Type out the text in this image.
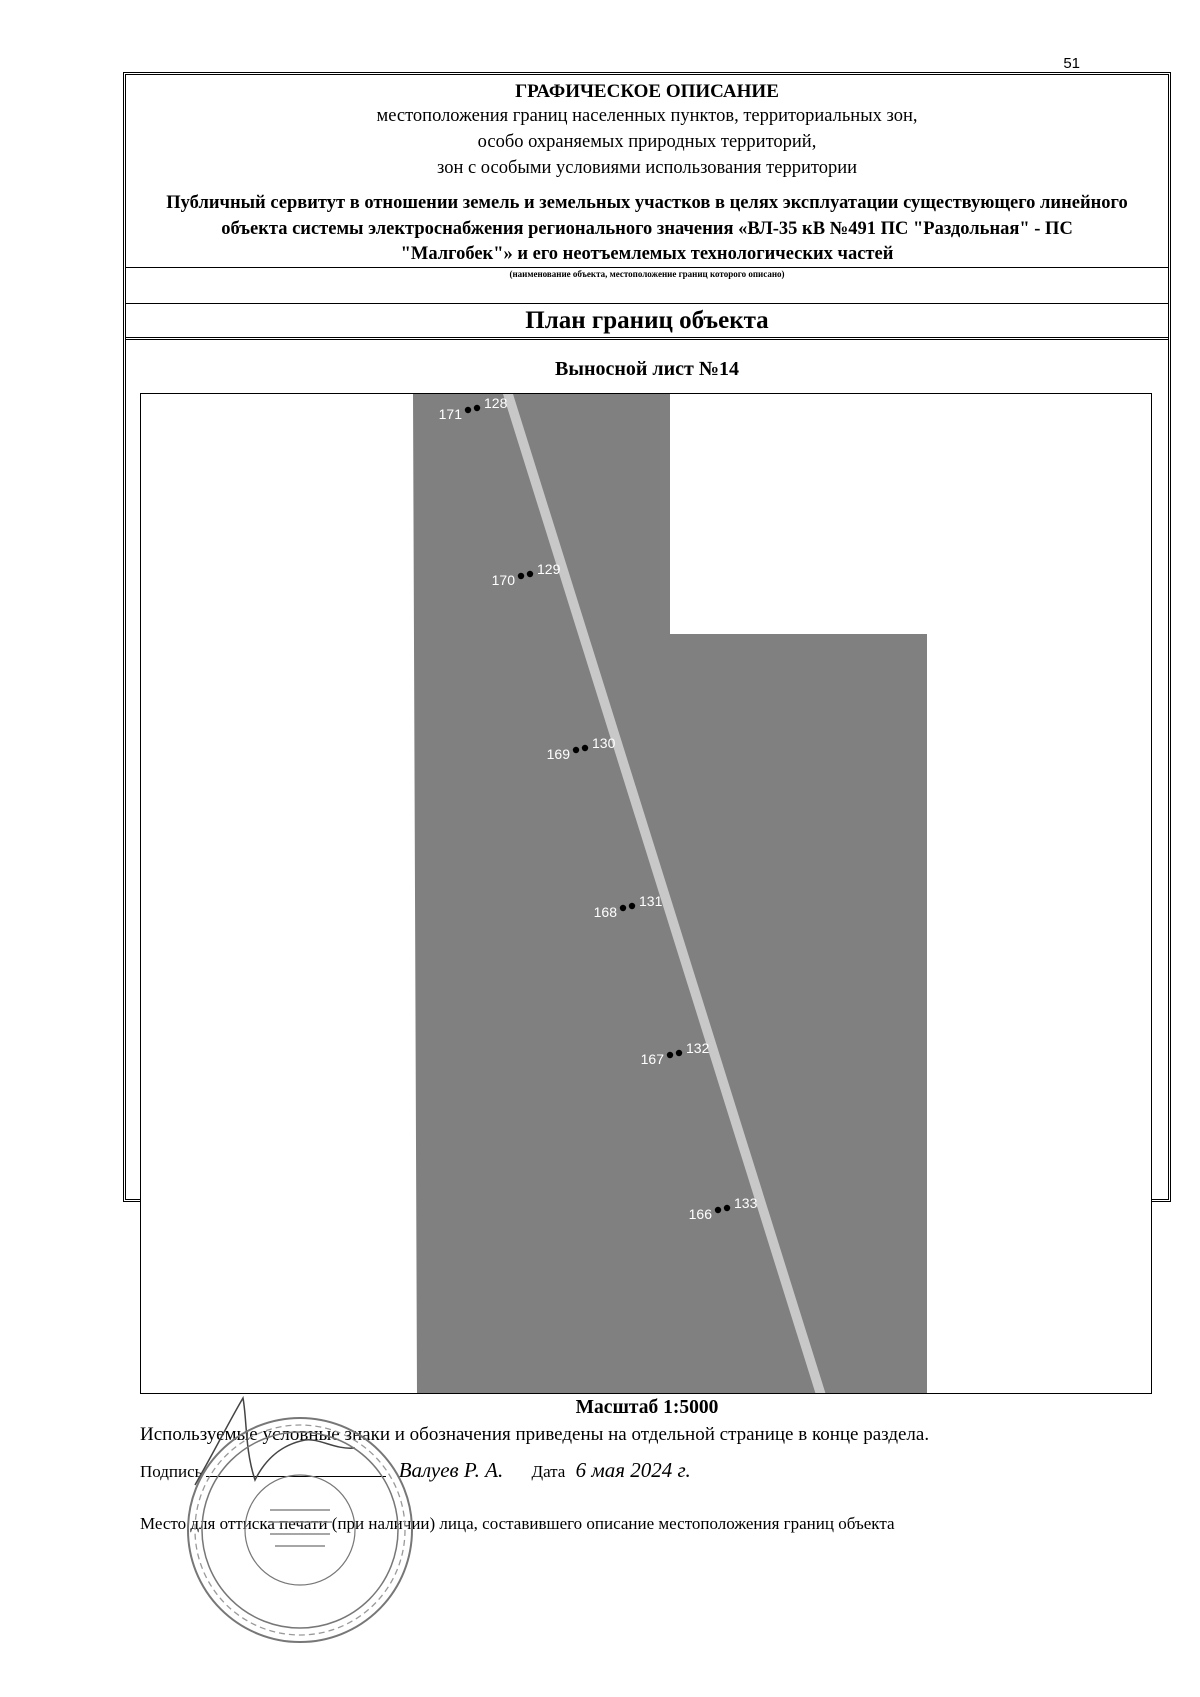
51
ГРАФИЧЕСКОЕ ОПИСАНИЕ
местоположения границ населенных пунктов, территориальных зон,
особо охраняемых природных территорий,
зон с особыми условиями использования территории
Публичный сервитут в отношении земель и земельных участков в целях эксплуатации существующего линейного объекта системы электроснабжения регионального значения «ВЛ-35 кВ №491 ПС "Раздольная" - ПС "Малгобек"» и его неотъемлемых технологических частей
(наименование объекта, местоположение границ которого описано)
План границ объекта
Выносной лист №14
171
128
170
129
169
130
168
131
167
132
166
133
Масштаб 1:5000
Используемые условные знаки и обозначения приведены на отдельной странице в конце раздела.
Подпись	Валуев Р. А. Дата 6 мая 2024 г.
Место для оттиска печати (при наличии) лица, составившего описание местоположения границ объекта
